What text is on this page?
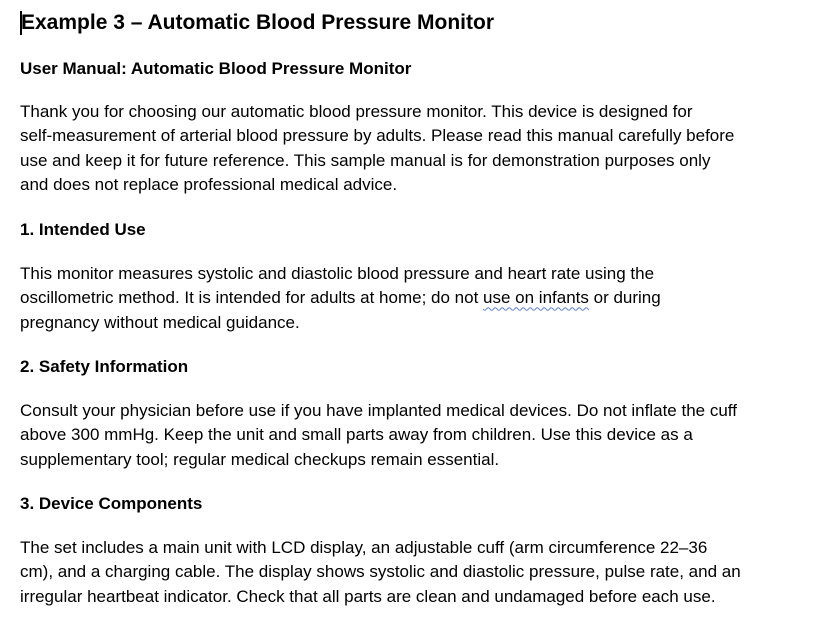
Example 3 – Automatic Blood Pressure Monitor

User Manual: Automatic Blood Pressure Monitor

Thank you for choosing our automatic blood pressure monitor. This device is designed for
self-measurement of arterial blood pressure by adults. Please read this manual carefully before
use and keep it for future reference. This sample manual is for demonstration purposes only
and does not replace professional medical advice.

1. Intended Use

This monitor measures systolic and diastolic blood pressure and heart rate using the
oscillometric method. It is intended for adults at home; do not use on infants or during
pregnancy without medical guidance.

2. Safety Information

Consult your physician before use if you have implanted medical devices. Do not inflate the cuff
above 300 mmHg. Keep the unit and small parts away from children. Use this device as a
supplementary tool; regular medical checkups remain essential.

3. Device Components

The set includes a main unit with LCD display, an adjustable cuff (arm circumference 22–36
cm), and a charging cable. The display shows systolic and diastolic pressure, pulse rate, and an
irregular heartbeat indicator. Check that all parts are clean and undamaged before each use.
